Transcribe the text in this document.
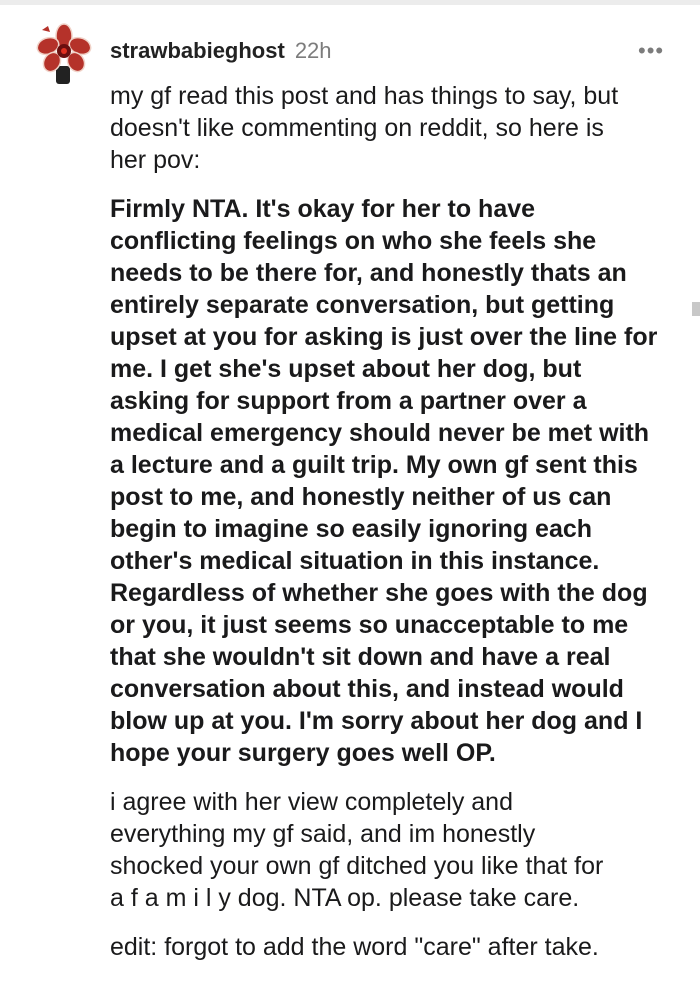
strawbabieghost 22h	•••

my gf read this post and has things to say, but
doesn't like commenting on reddit, so here is
her pov:

Firmly NTA. It's okay for her to have
conflicting feelings on who she feels she
needs to be there for, and honestly thats an
entirely separate conversation, but getting
upset at you for asking is just over the line for
me. I get she's upset about her dog, but
asking for support from a partner over a
medical emergency should never be met with
a lecture and a guilt trip. My own gf sent this
post to me, and honestly neither of us can
begin to imagine so easily ignoring each
other's medical situation in this instance.
Regardless of whether she goes with the dog
or you, it just seems so unacceptable to me
that she wouldn't sit down and have a real
conversation about this, and instead would
blow up at you. I'm sorry about her dog and I
hope your surgery goes well OP.

i agree with her view completely and
everything my gf said, and im honestly
shocked your own gf ditched you like that for
a f a m i l y dog. NTA op. please take care.

edit: forgot to add the word "care" after take.
